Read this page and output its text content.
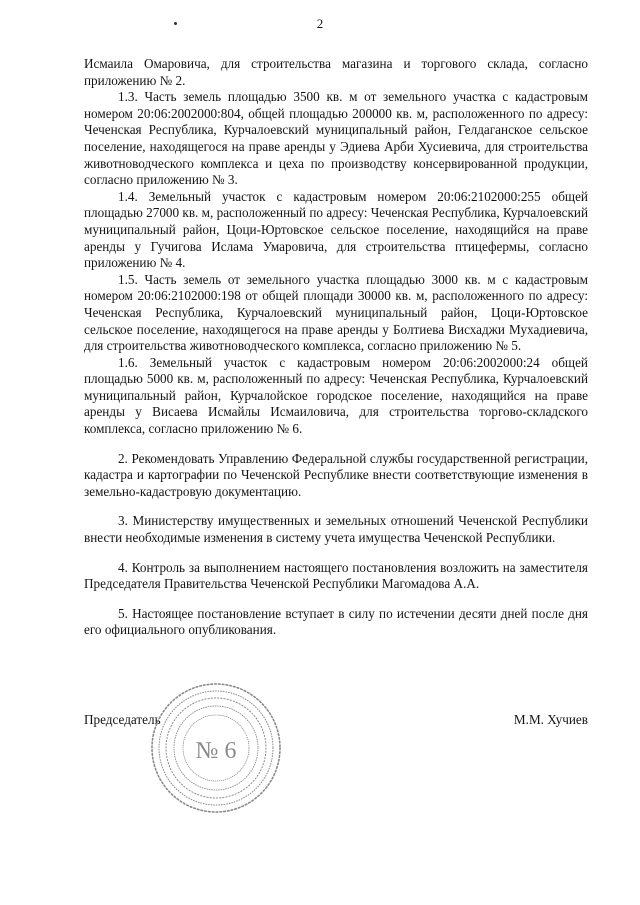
2

Исмаила Омаровича, для строительства магазина и торгового склада, согласно приложению № 2.

1.3. Часть земель площадью 3500 кв. м от земельного участка с кадастровым номером 20:06:2002000:804, общей площадью 200000 кв. м, расположенного по адресу: Чеченская Республика, Курчалоевский муниципальный район, Гелдаганское сельское поселение, находящегося на праве аренды у Эдиева Арби Хусиевича, для строительства животноводческого комплекса и цеха по производству консервированной продукции, согласно приложению № 3.

1.4. Земельный участок с кадастровым номером 20:06:2102000:255 общей площадью 27000 кв. м, расположенный по адресу: Чеченская Республика, Курчалоевский муниципальный район, Цоци-Юртовское сельское поселение, находящийся на праве аренды у Гучигова Ислама Умаровича, для строительства птицефермы, согласно приложению № 4.

1.5. Часть земель от земельного участка площадью 3000 кв. м с кадастровым номером 20:06:2102000:198 от общей площади 30000 кв. м, расположенного по адресу: Чеченская Республика, Курчалоевский муниципальный район, Цоци-Юртовское сельское поселение, находящегося на праве аренды у Болтиева Висхаджи Мухадиевича, для строительства животноводческого комплекса, согласно приложению № 5.

1.6. Земельный участок с кадастровым номером 20:06:2002000:24 общей площадью 5000 кв. м, расположенный по адресу: Чеченская Республика, Курчалоевский муниципальный район, Курчалойское городское поселение, находящийся на праве аренды у Висаева Исмайлы Исмаиловича, для строительства торгово-складского комплекса, согласно приложению № 6.

2. Рекомендовать Управлению Федеральной службы государственной регистрации, кадастра и картографии по Чеченской Республике внести соответствующие изменения в земельно-кадастровую документацию.

3. Министерству имущественных и земельных отношений Чеченской Республики внести необходимые изменения в систему учета имущества Чеченской Республики.

4. Контроль за выполнением настоящего постановления возложить на заместителя Председателя Правительства Чеченской Республики Магомадова А.А.

5. Настоящее постановление вступает в силу по истечении десяти дней после дня его официального опубликования.

Председатель	М.М. Хучиев
№ 6
